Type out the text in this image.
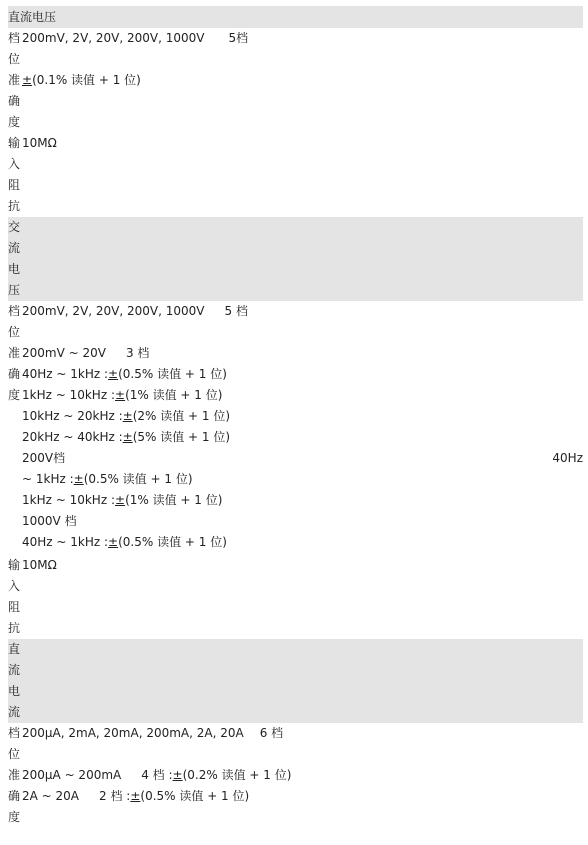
直流电压
档 200mV, 2V, 20V, 200V, 1000V 5档
位
准 ±(0.1% 读值 + 1 位)
确
度
输 10MΩ
入
阻
抗
交
流
电
压
档 200mV, 2V, 20V, 200V, 1000V 5 档
位
准 200mV ~ 20V 3 档
确 40Hz ~ 1kHz :±(0.5% 读值 + 1 位)
度 1kHz ~ 10kHz :±(1% 读值 + 1 位)
10kHz ~ 20kHz :±(2% 读值 + 1 位)
20kHz ~ 40kHz :±(5% 读值 + 1 位)
200V档	40Hz
~ 1kHz :±(0.5% 读值 + 1 位)
1kHz ~ 10kHz :±(1% 读值 + 1 位)
1000V 档
40Hz ~ 1kHz :±(0.5% 读值 + 1 位)
输 10MΩ
入
阻
抗
直
流
电
流
档 200μA, 2mA, 20mA, 200mA, 2A, 20A 6 档
位
准 200μA ~ 200mA 4 档 :±(0.2% 读值 + 1 位)
确 2A ~ 20A 2 档 :±(0.5% 读值 + 1 位)
度
